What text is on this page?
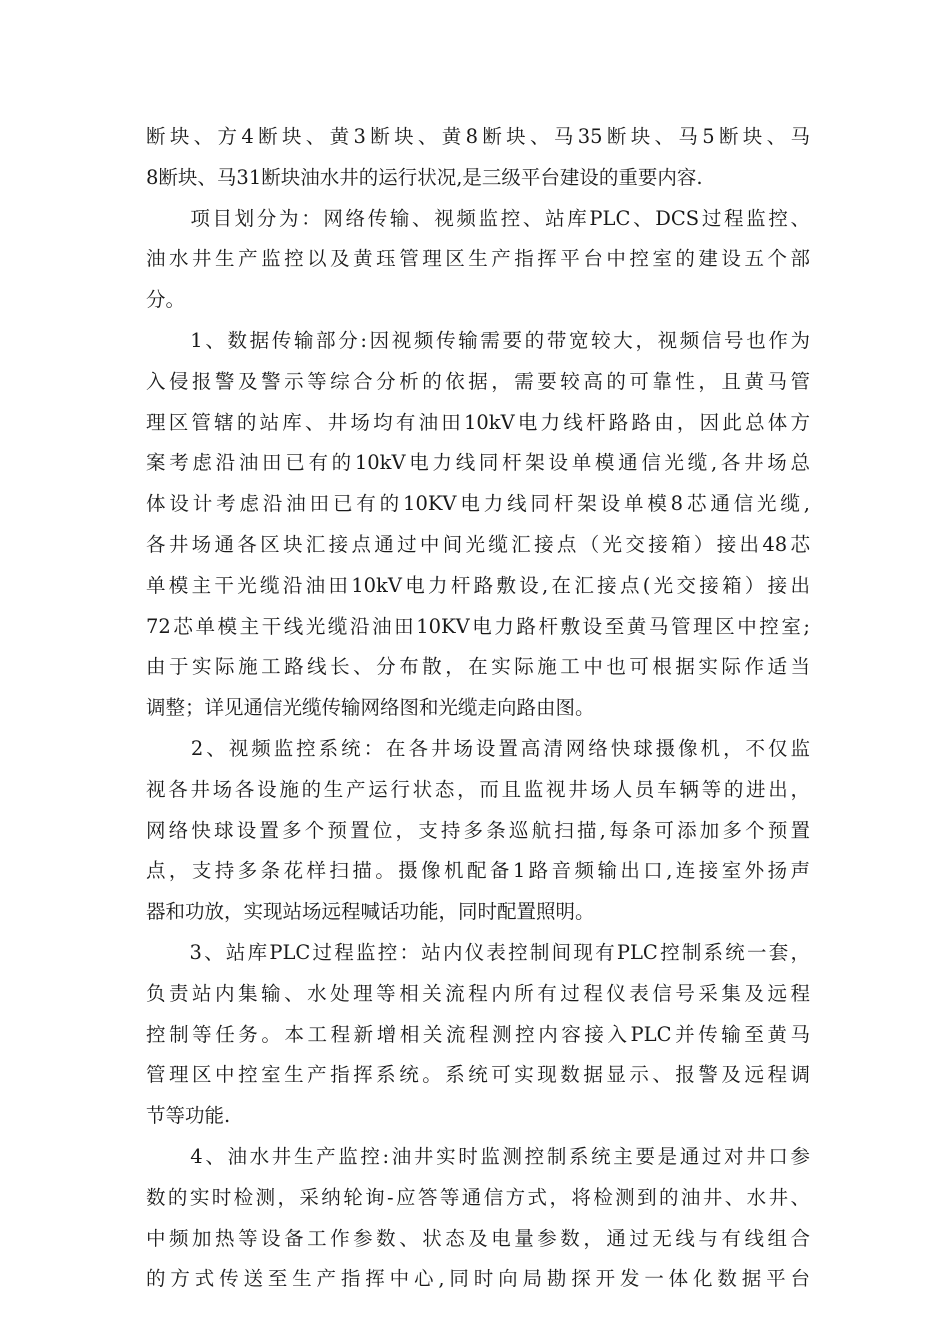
断块、方4断块、黄3断块、黄8断块、马35断块、马5断块、马
8断块、马31断块油水井的运行状况,是三级平台建设的重要内容.
　　项目划分为：网络传输、视频监控、站库PLC、DCS过程监控、
油水井生产监控以及黄珏管理区生产指挥平台中控室的建设五个部
分。
　　1、数据传输部分:因视频传输需要的带宽较大，视频信号也作为
入侵报警及警示等综合分析的依据，需要较高的可靠性，且黄马管
理区管辖的站库、井场均有油田10kV电力线杆路路由，因此总体方
案考虑沿油田已有的10kV电力线同杆架设单模通信光缆,各井场总
体设计考虑沿油田已有的10KV电力线同杆架设单模8芯通信光缆,
各井场通各区块汇接点通过中间光缆汇接点（光交接箱）接出48芯
单模主干光缆沿油田10kV电力杆路敷设,在汇接点(光交接箱）接出
72芯单模主干线光缆沿油田10KV电力路杆敷设至黄马管理区中控室;
由于实际施工路线长、分布散，在实际施工中也可根据实际作适当
调整；详见通信光缆传输网络图和光缆走向路由图。
　　2、视频监控系统：在各井场设置高清网络快球摄像机，不仅监
视各井场各设施的生产运行状态，而且监视井场人员车辆等的进出，
网络快球设置多个预置位，支持多条巡航扫描,每条可添加多个预置
点，支持多条花样扫描。摄像机配备1路音频输出口,连接室外扬声
器和功放，实现站场远程喊话功能，同时配置照明。
　　3、站库PLC过程监控：站内仪表控制间现有PLC控制系统一套，
负责站内集输、水处理等相关流程内所有过程仪表信号采集及远程
控制等任务。本工程新增相关流程测控内容接入PLC并传输至黄马
管理区中控室生产指挥系统。系统可实现数据显示、报警及远程调
节等功能.
　　4、油水井生产监控:油井实时监测控制系统主要是通过对井口参
数的实时检测，采纳轮询-应答等通信方式，将检测到的油井、水井、
中频加热等设备工作参数、状态及电量参数，通过无线与有线组合
的方式传送至生产指挥中心,同时向局勘探开发一体化数据平台
